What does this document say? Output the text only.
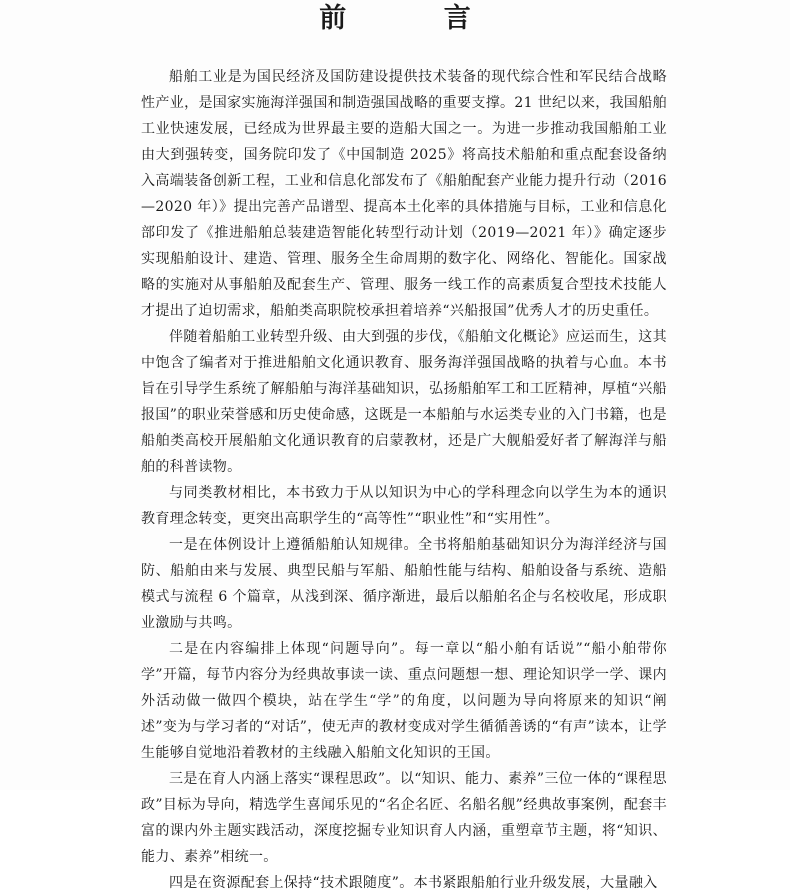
前 言

船舶工业是为国民经济及国防建设提供技术装备的现代综合性和军民结合战略性产业，是国家实施海洋强国和制造强国战略的重要支撑。21 世纪以来，我国船舶工业快速发展，已经成为世界最主要的造船大国之一。为进一步推动我国船舶工业由大到强转变，国务院印发了《中国制造 2025》将高技术船舶和重点配套设备纳入高端装备创新工程，工业和信息化部发布了《船舶配套产业能力提升行动（2016—2020 年）》提出完善产品谱型、提高本土化率的具体措施与目标，工业和信息化部印发了《推进船舶总装建造智能化转型行动计划（2019—2021 年）》确定逐步实现船舶设计、建造、管理、服务全生命周期的数字化、网络化、智能化。国家战略的实施对从事船舶及配套生产、管理、服务一线工作的高素质复合型技术技能人才提出了迫切需求，船舶类高职院校承担着培养“兴船报国”优秀人才的历史重任。

伴随着船舶工业转型升级、由大到强的步伐，《船舶文化概论》应运而生，这其中饱含了编者对于推进船舶文化通识教育、服务海洋强国战略的执着与心血。本书旨在引导学生系统了解船舶与海洋基础知识，弘扬船舶军工和工匠精神，厚植“兴船报国”的职业荣誉感和历史使命感，这既是一本船舶与水运类专业的入门书籍，也是船舶类高校开展船舶文化通识教育的启蒙教材，还是广大舰船爱好者了解海洋与船舶的科普读物。

与同类教材相比，本书致力于从以知识为中心的学科理念向以学生为本的通识教育理念转变，更突出高职学生的“高等性”“职业性”和“实用性”。

一是在体例设计上遵循船舶认知规律。全书将船舶基础知识分为海洋经济与国防、船舶由来与发展、典型民船与军船、船舶性能与结构、船舶设备与系统、造船模式与流程 6 个篇章，从浅到深、循序渐进，最后以船舶名企与名校收尾，形成职业激励与共鸣。

二是在内容编排上体现“问题导向”。每一章以“船小舶有话说”“船小舶带你学”开篇，每节内容分为经典故事读一读、重点问题想一想、理论知识学一学、课内外活动做一做四个模块，站在学生“学”的角度，以问题为导向将原来的知识“阐述”变为与学习者的“对话”，使无声的教材变成对学生循循善诱的“有声”读本，让学生能够自觉地沿着教材的主线融入船舶文化知识的王国。

三是在育人内涵上落实“课程思政”。以“知识、能力、素养”三位一体的“课程思政”目标为导向，精选学生喜闻乐见的“名企名匠、名船名舰”经典故事案例，配套丰富的课内外主题实践活动，深度挖掘专业知识育人内涵，重塑章节主题，将“知识、能力、素养”相统一。

四是在资源配套上保持“技术跟随度”。本书紧跟船舶行业升级发展，大量融入
